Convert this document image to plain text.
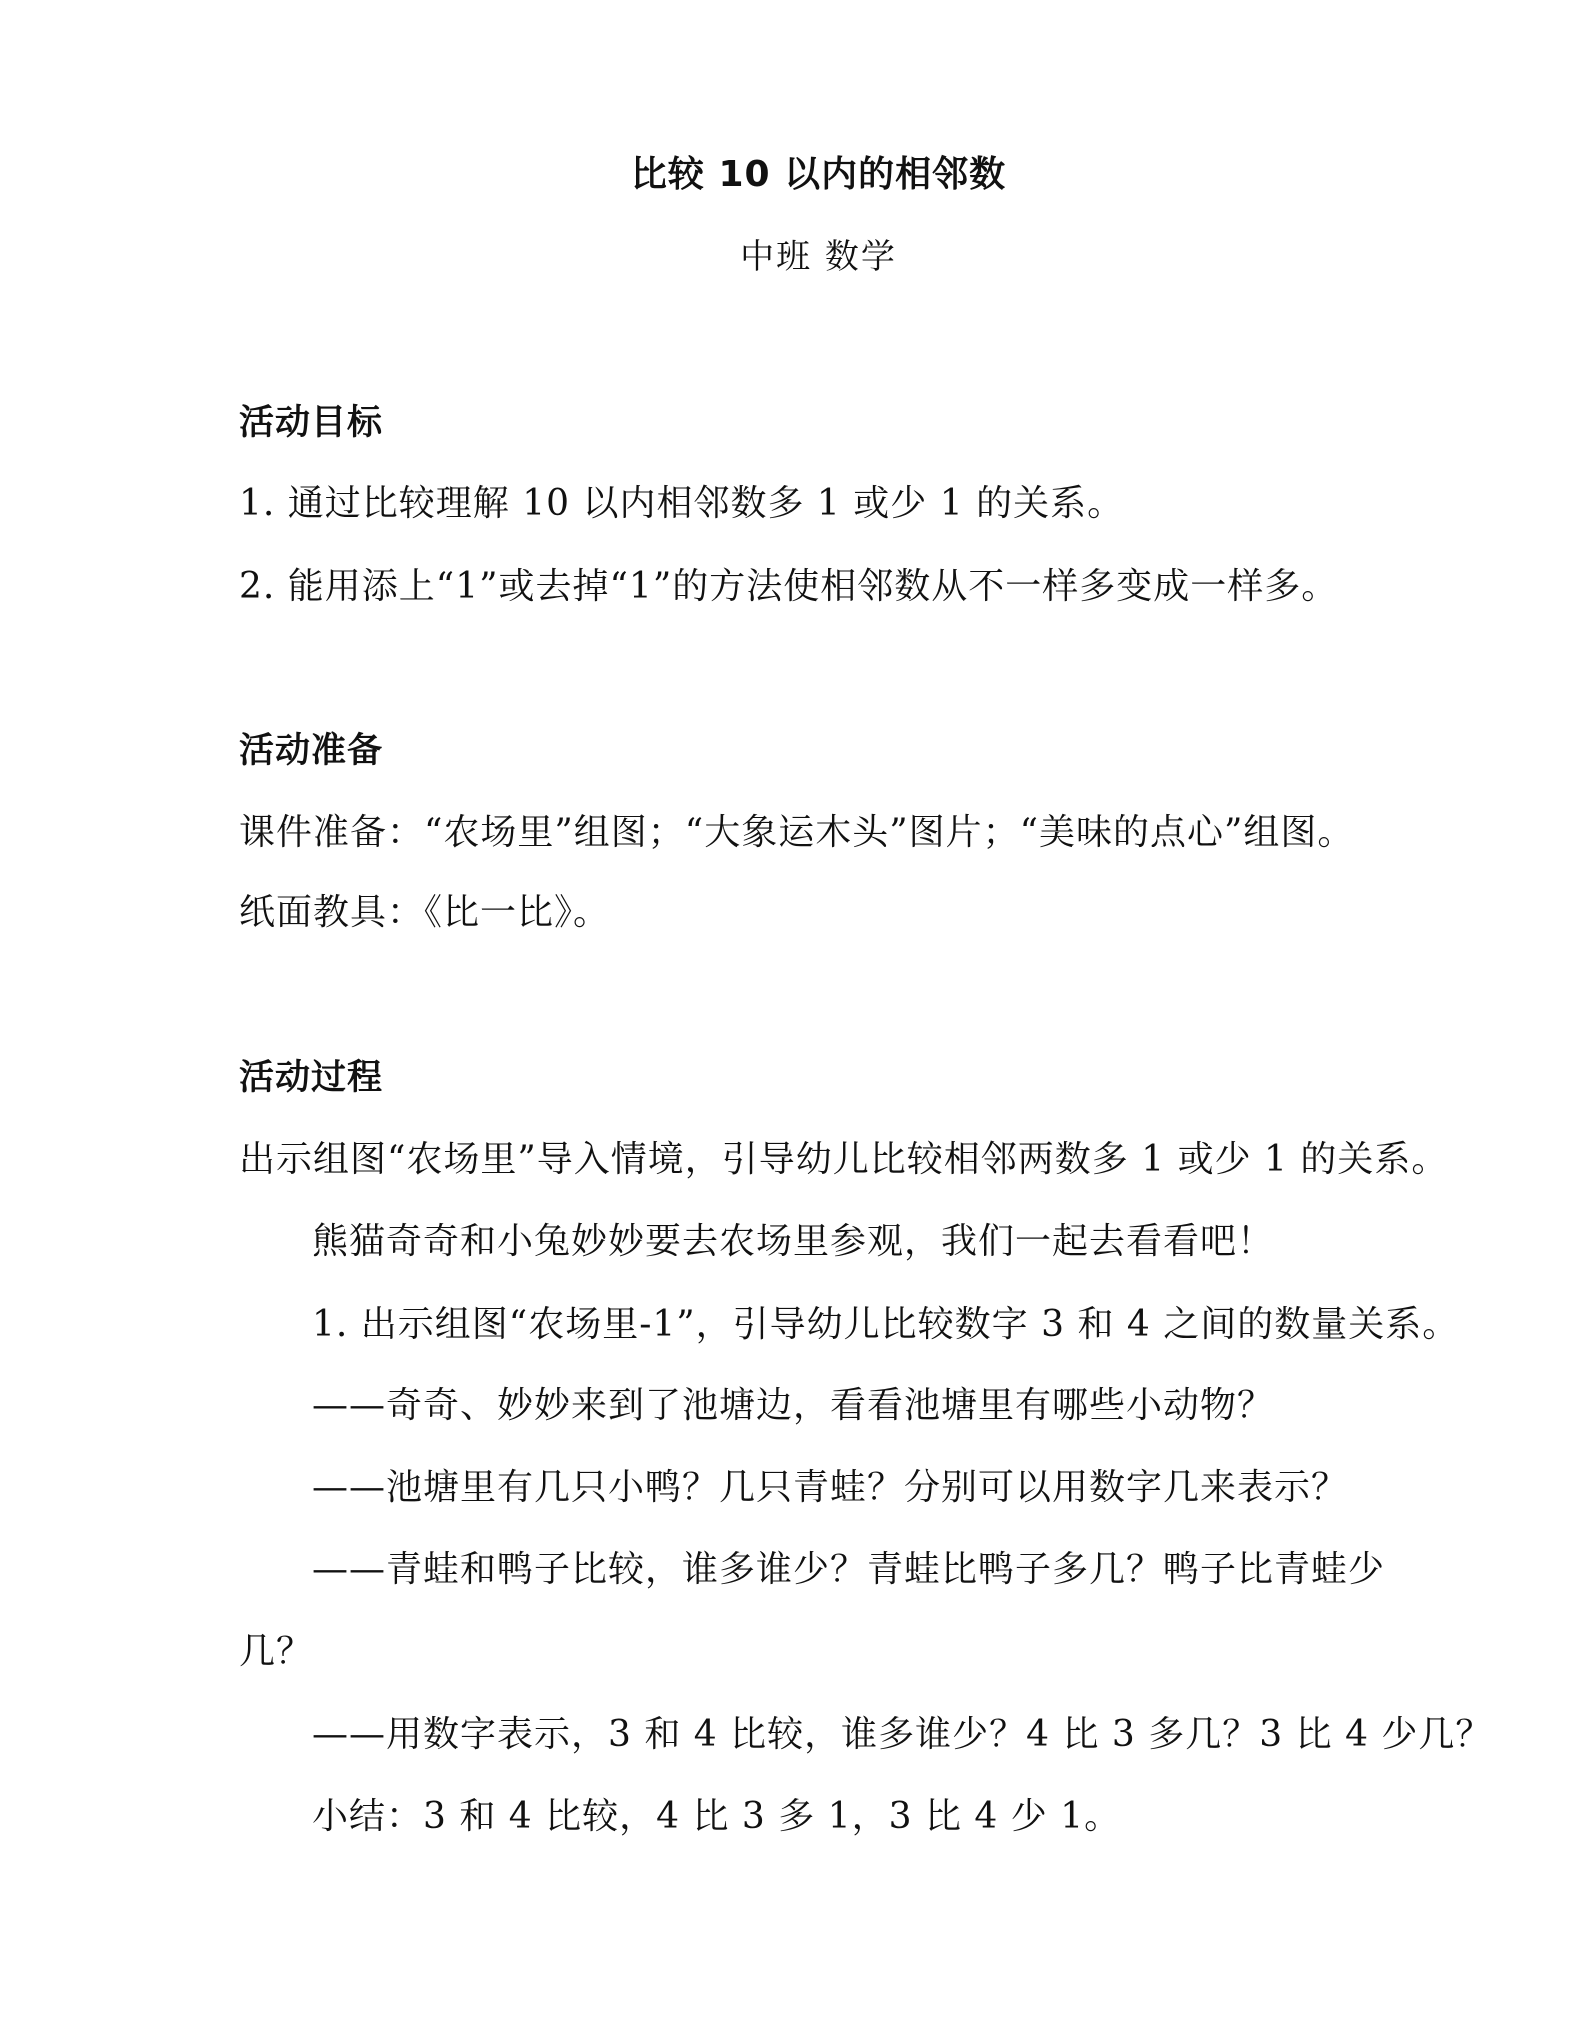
比较 10 以内的相邻数
中班 数学
活动目标
1. 通过比较理解 10 以内相邻数多 1 或少 1 的关系。
2. 能用添上“1”或去掉“1”的方法使相邻数从不一样多变成一样多。
活动准备
课件准备：“农场里”组图；“大象运木头”图片；“美味的点心”组图。
纸面教具：《比一比》。
活动过程
出示组图“农场里”导入情境，引导幼儿比较相邻两数多 1 或少 1 的关系。
熊猫奇奇和小兔妙妙要去农场里参观，我们一起去看看吧！
1. 出示组图“农场里-1”，引导幼儿比较数字 3 和 4 之间的数量关系。
——奇奇、妙妙来到了池塘边，看看池塘里有哪些小动物？
——池塘里有几只小鸭？几只青蛙？分别可以用数字几来表示？
——青蛙和鸭子比较，谁多谁少？青蛙比鸭子多几？鸭子比青蛙少
几？
——用数字表示，3 和 4 比较，谁多谁少？4 比 3 多几？3 比 4 少几？
小结：3 和 4 比较，4 比 3 多 1，3 比 4 少 1。
